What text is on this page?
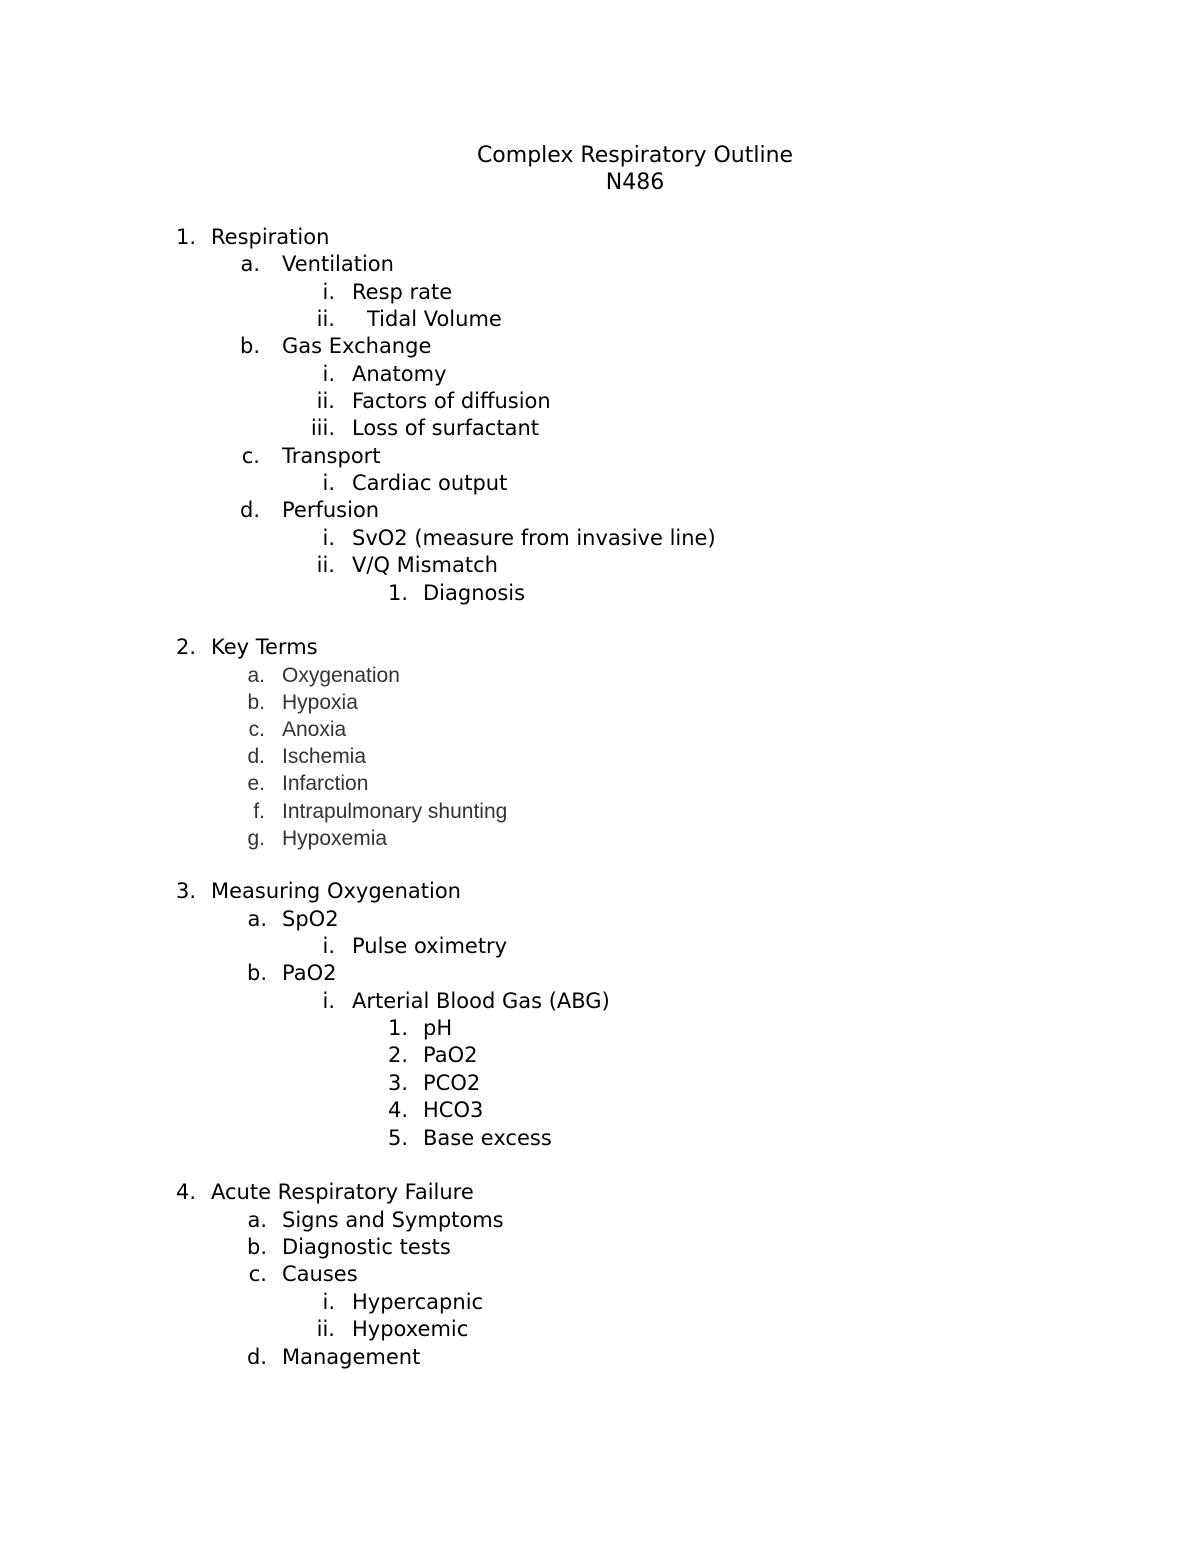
Complex Respiratory Outline
N486
1. Respiration
a. Ventilation
i. Resp rate
ii. Tidal Volume
b. Gas Exchange
i. Anatomy
ii. Factors of diffusion
iii. Loss of surfactant
c. Transport
i. Cardiac output
d. Perfusion
i. SvO2 (measure from invasive line)
ii. V/Q Mismatch
1. Diagnosis
2. Key Terms
a. Oxygenation
b. Hypoxia
c. Anoxia
d. Ischemia
e. Infarction
f. Intrapulmonary shunting
g. Hypoxemia
3. Measuring Oxygenation
a. SpO2
i. Pulse oximetry
b. PaO2
i. Arterial Blood Gas (ABG)
1. pH
2. PaO2
3. PCO2
4. HCO3
5. Base excess
4. Acute Respiratory Failure
a. Signs and Symptoms
b. Diagnostic tests
c. Causes
i. Hypercapnic
ii. Hypoxemic
d. Management
